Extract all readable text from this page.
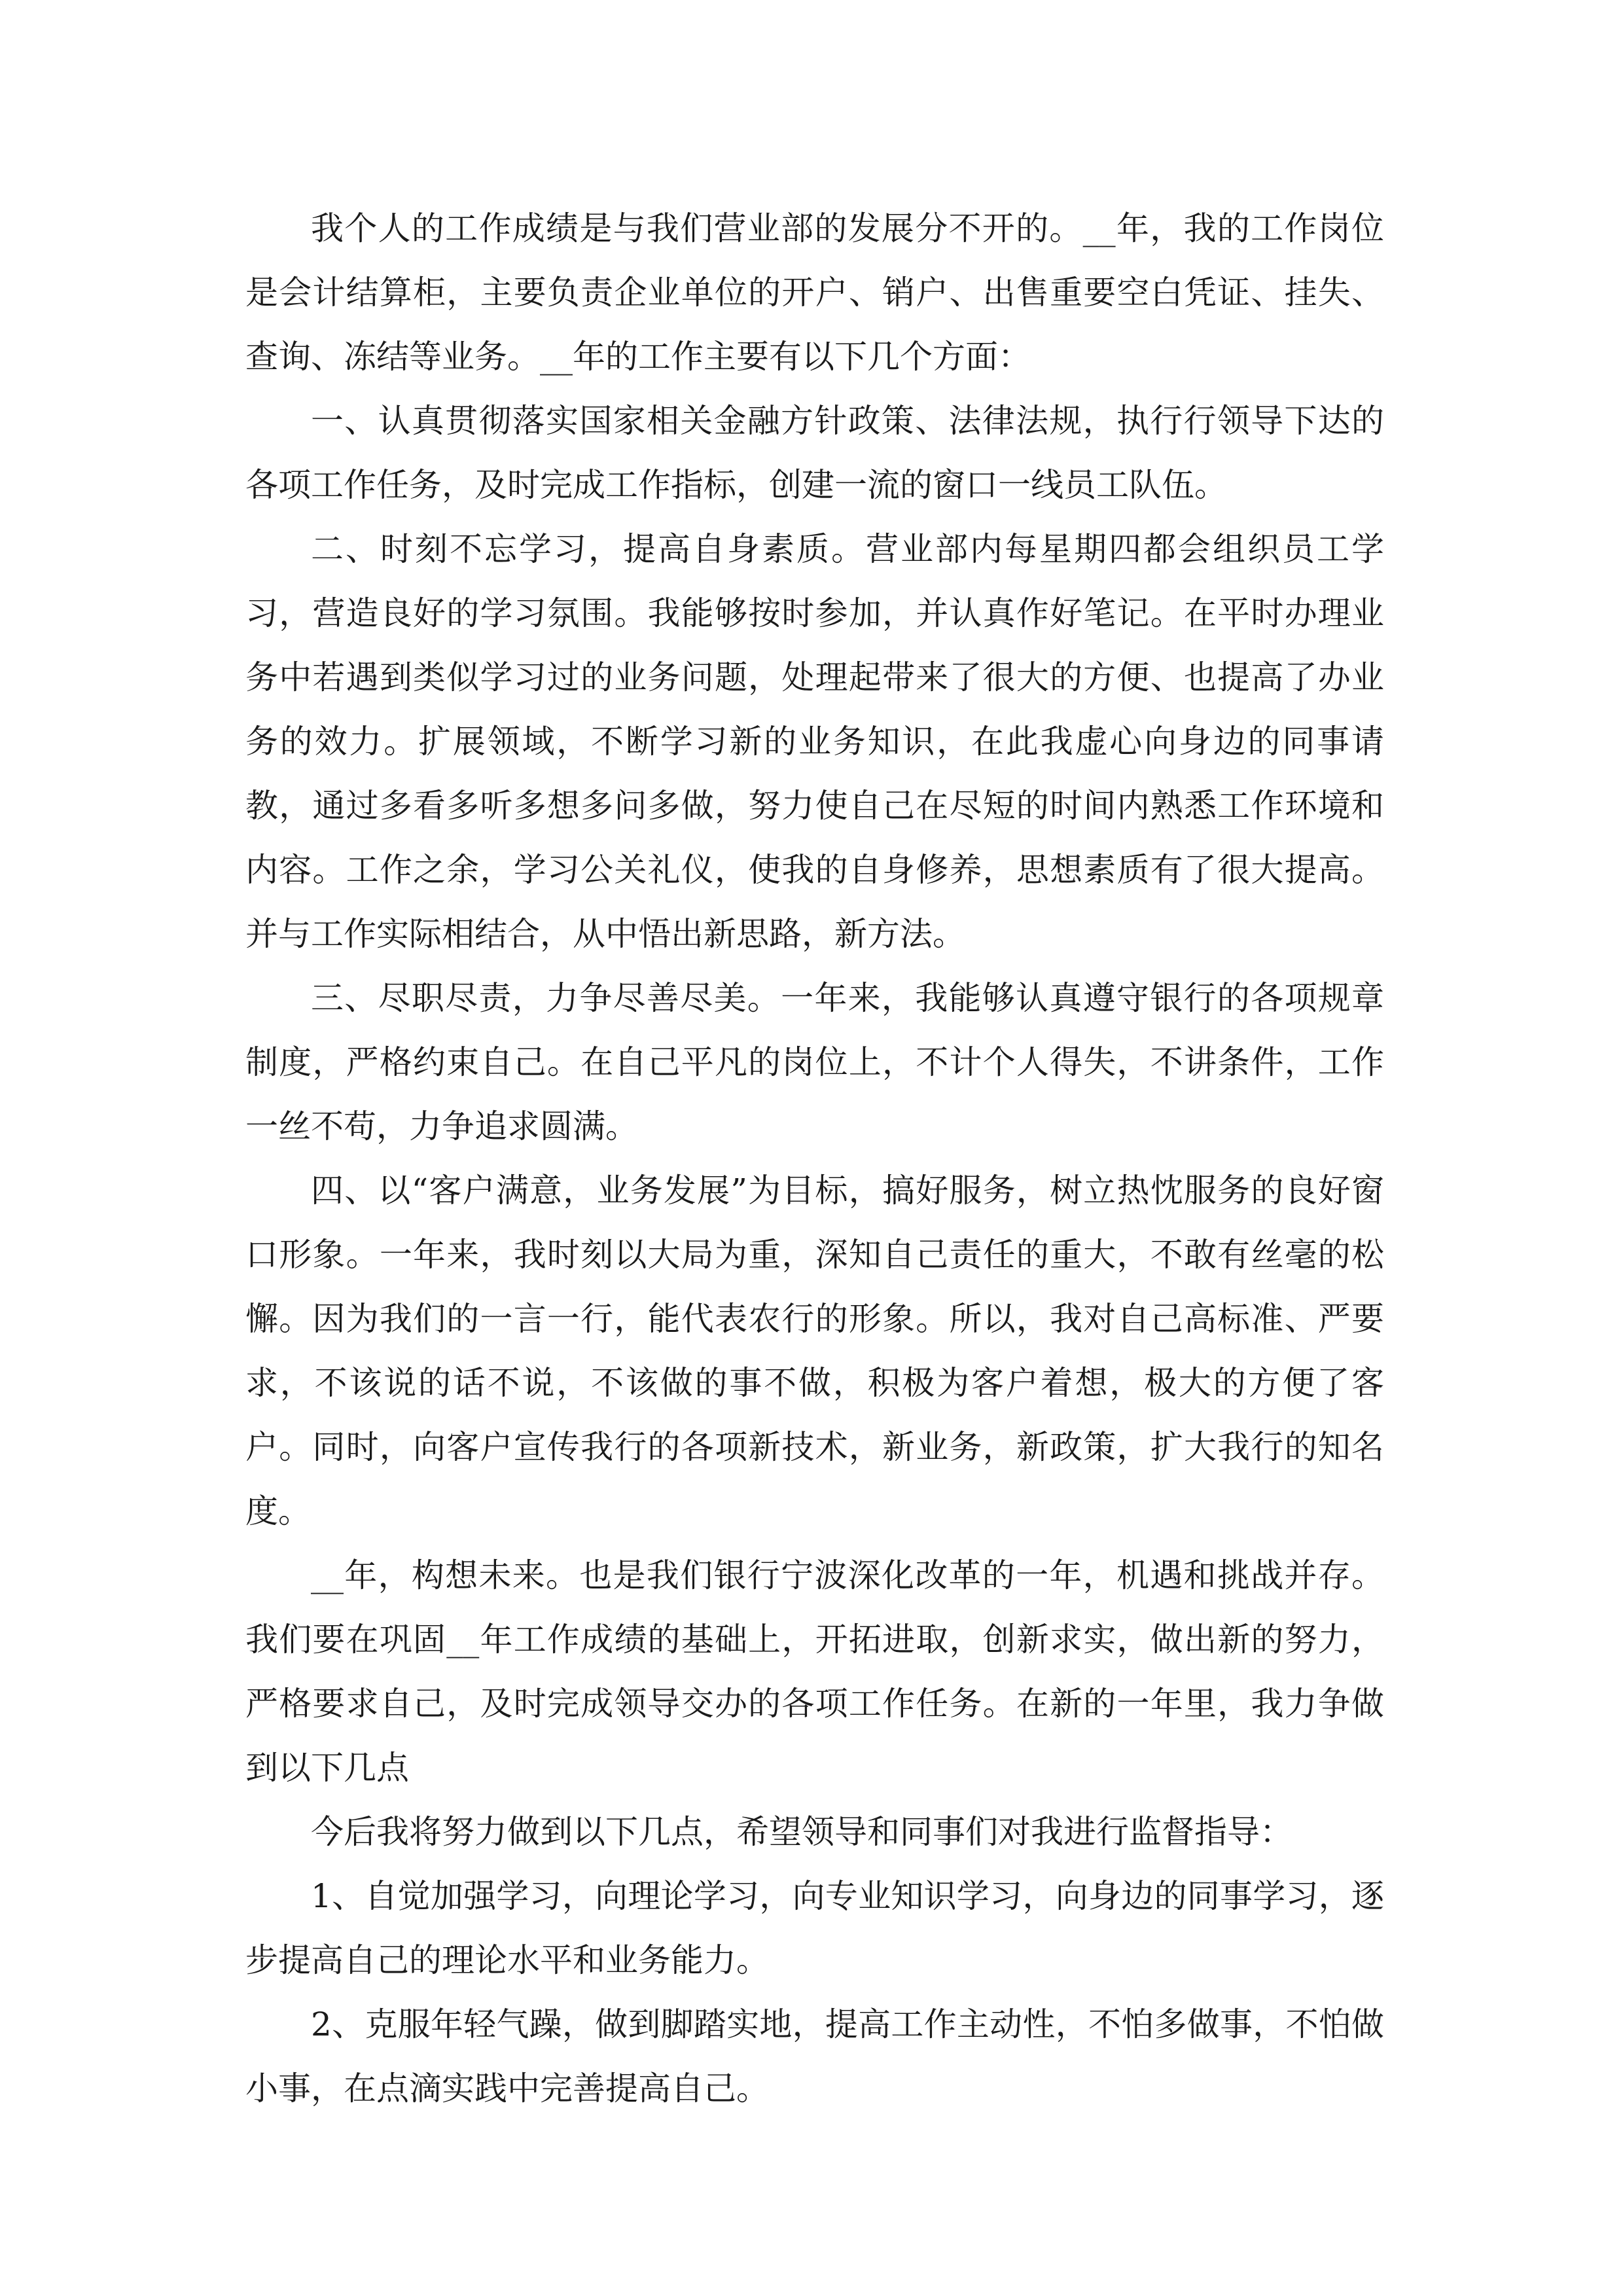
我个人的工作成绩是与我们营业部的发展分不开的。__年，我的工作岗位是会计结算柜，主要负责企业单位的开户、销户、出售重要空白凭证、挂失、查询、冻结等业务。__年的工作主要有以下几个方面：

一、认真贯彻落实国家相关金融方针政策、法律法规，执行行领导下达的各项工作任务，及时完成工作指标，创建一流的窗口一线员工队伍。

二、时刻不忘学习，提高自身素质。营业部内每星期四都会组织员工学习，营造良好的学习氛围。我能够按时参加，并认真作好笔记。在平时办理业务中若遇到类似学习过的业务问题，处理起带来了很大的方便、也提高了办业务的效力。扩展领域，不断学习新的业务知识，在此我虚心向身边的同事请教，通过多看多听多想多问多做，努力使自己在尽短的时间内熟悉工作环境和内容。工作之余，学习公关礼仪，使我的自身修养，思想素质有了很大提高。并与工作实际相结合，从中悟出新思路，新方法。

三、尽职尽责，力争尽善尽美。一年来，我能够认真遵守银行的各项规章制度，严格约束自己。在自己平凡的岗位上，不计个人得失，不讲条件，工作一丝不苟，力争追求圆满。

四、以“客户满意，业务发展”为目标，搞好服务，树立热忱服务的良好窗口形象。一年来，我时刻以大局为重，深知自己责任的重大，不敢有丝毫的松懈。因为我们的一言一行，能代表农行的形象。所以，我对自己高标准、严要求，不该说的话不说，不该做的事不做，积极为客户着想，极大的方便了客户。同时，向客户宣传我行的各项新技术，新业务，新政策，扩大我行的知名度。

__年，构想未来。也是我们银行宁波深化改革的一年，机遇和挑战并存。我们要在巩固__年工作成绩的基础上，开拓进取，创新求实，做出新的努力，严格要求自己，及时完成领导交办的各项工作任务。在新的一年里，我力争做到以下几点

今后我将努力做到以下几点，希望领导和同事们对我进行监督指导：

1、自觉加强学习，向理论学习，向专业知识学习，向身边的同事学习，逐步提高自己的理论水平和业务能力。

2、克服年轻气躁，做到脚踏实地，提高工作主动性，不怕多做事，不怕做小事，在点滴实践中完善提高自己。
